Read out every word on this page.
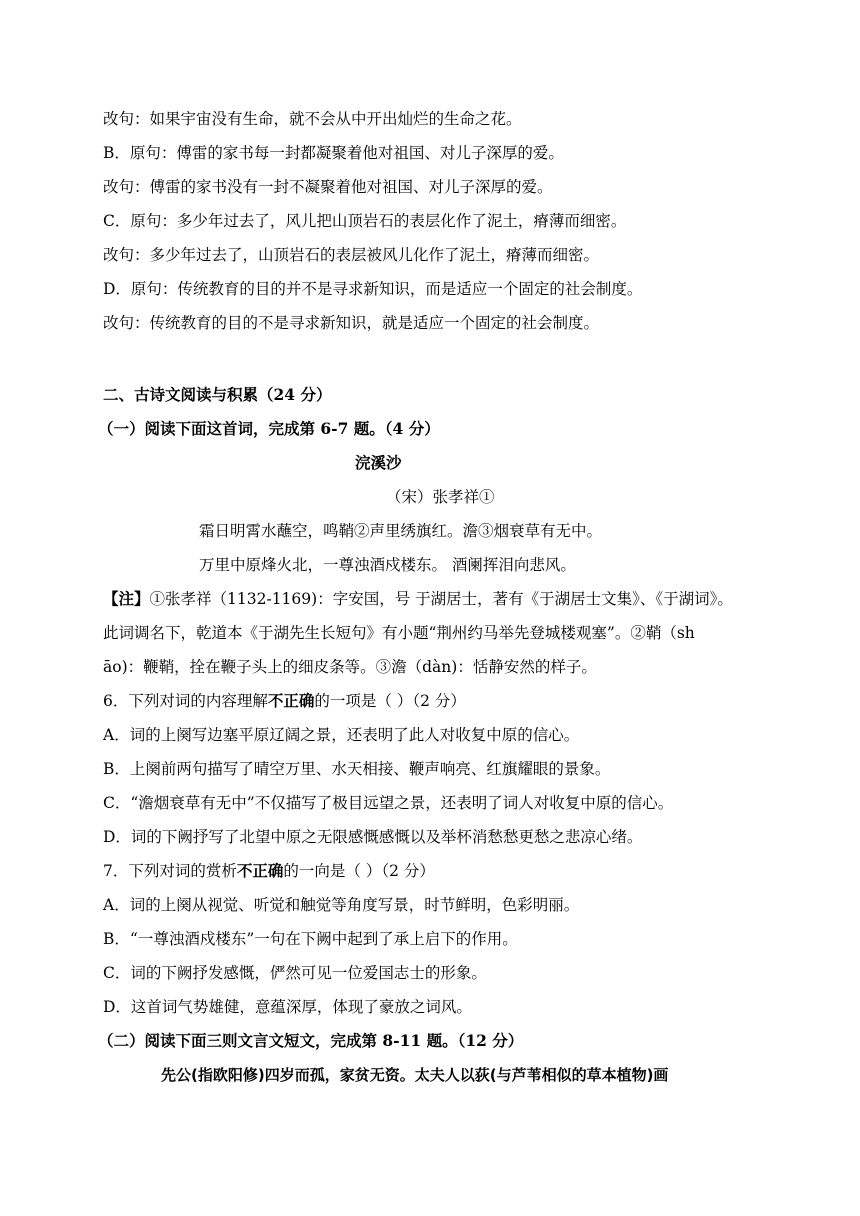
改句：如果宇宙没有生命，就不会从中开出灿烂的生命之花。
B．原句：傅雷的家书每一封都凝聚着他对祖国、对儿子深厚的爱。
改句：傅雷的家书没有一封不凝聚着他对祖国、对儿子深厚的爱。
C．原句：多少年过去了，风儿把山顶岩石的表层化作了泥土，瘠薄而细密。
改句：多少年过去了，山顶岩石的表层被风儿化作了泥土，瘠薄而细密。
D．原句：传统教育的目的并不是寻求新知识，而是适应一个固定的社会制度。
改句：传统教育的目的不是寻求新知识，就是适应一个固定的社会制度。
二、古诗文阅读与积累（24 分）
（一）阅读下面这首词，完成第 6-7 题。（4 分）
浣溪沙
（宋）张孝祥①
霜日明霄水蘸空，鸣鞘②声里绣旗红。澹③烟衰草有无中。
万里中原烽火北，一尊浊酒戍楼东。 酒阑挥泪向悲风。
【注】①张孝祥（1132-1169)：字安国，号 于湖居士，著有《于湖居士文集》、《于湖词》。
此词调名下，乾道本《于湖先生长短句》有小题“荆州约马举先登城楼观塞”。②鞘（sh
āo)：鞭鞘，拴在鞭子头上的细皮条等。③澹（dàn)：恬静安然的样子。
6．下列对词的内容理解不正确的一项是（ ）（2 分）
A．词的上阕写边塞平原辽阔之景，还表明了此人对收复中原的信心。
B．上阕前两句描写了晴空万里、水天相接、鞭声响亮、红旗耀眼的景象。
C．“澹烟衰草有无中”不仅描写了极目远望之景，还表明了词人对收复中原的信心。
D．词的下阙抒写了北望中原之无限感慨感慨以及举杯消愁愁更愁之悲凉心绪。
7．下列对词的赏析不正确的一向是（ ）（2 分）
A．词的上阕从视觉、听觉和触觉等角度写景，时节鲜明，色彩明丽。
B．“一尊浊酒戍楼东”一句在下阙中起到了承上启下的作用。
C．词的下阙抒发感慨，俨然可见一位爱国志士的形象。
D．这首词气势雄健，意蕴深厚，体现了豪放之词风。
（二）阅读下面三则文言文短文，完成第 8-11 题。（12 分）
先公(指欧阳修)四岁而孤，家贫无资。太夫人以荻(与芦苇相似的草本植物)画
